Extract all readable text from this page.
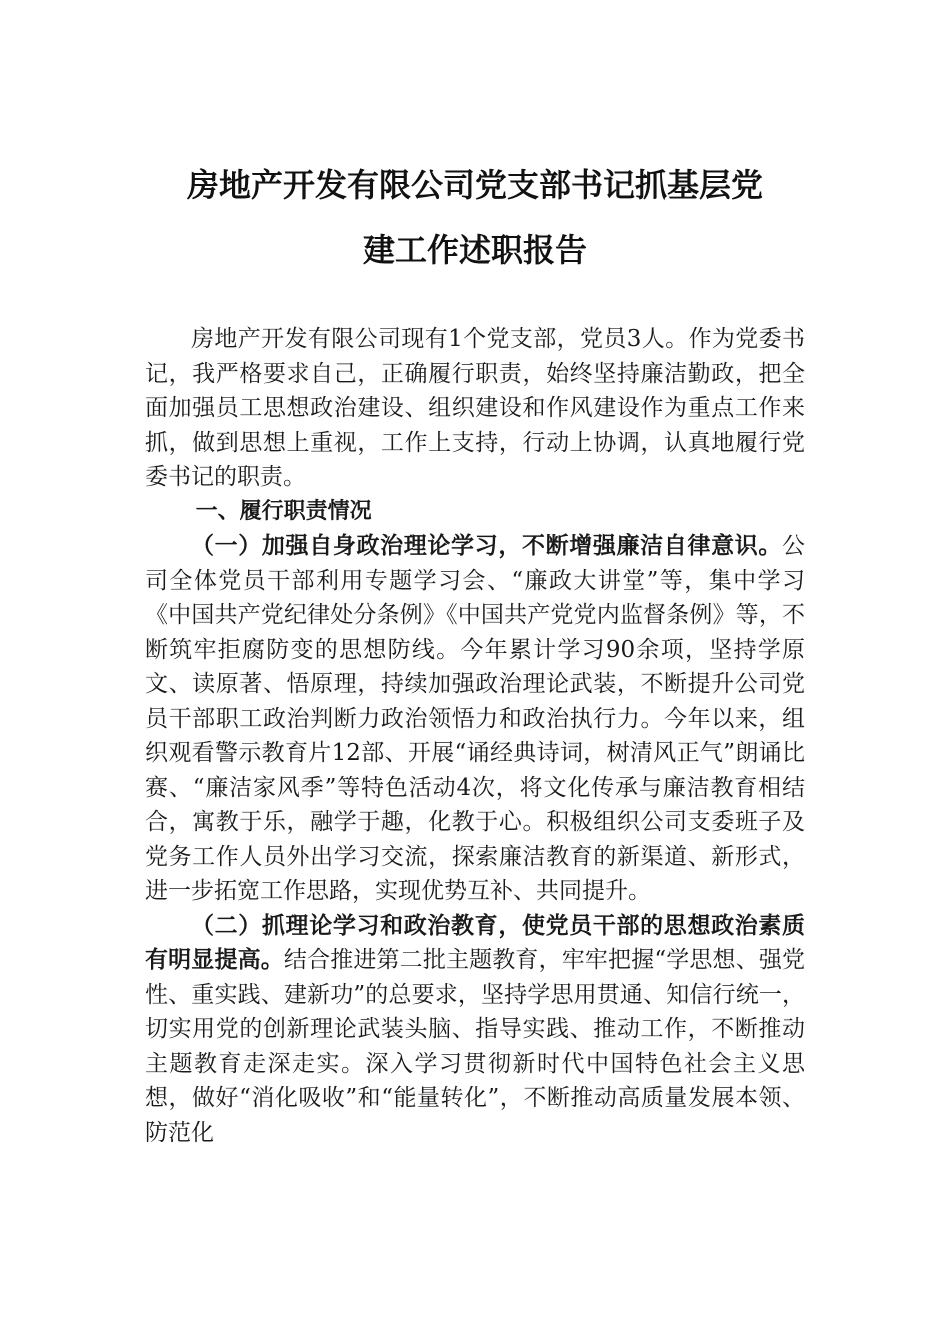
房地产开发有限公司党支部书记抓基层党
建工作述职报告

房地产开发有限公司现有1个党支部，党员3人。作为党委书记，我严格要求自己，正确履行职责，始终坚持廉洁勤政，把全面加强员工思想政治建设、组织建设和作风建设作为重点工作来抓，做到思想上重视，工作上支持，行动上协调，认真地履行党委书记的职责。

一、履行职责情况

（一）加强自身政治理论学习，不断增强廉洁自律意识。公司全体党员干部利用专题学习会、“廉政大讲堂”等，集中学习《中国共产党纪律处分条例》《中国共产党党内监督条例》等，不断筑牢拒腐防变的思想防线。今年累计学习90余项，坚持学原文、读原著、悟原理，持续加强政治理论武装，不断提升公司党员干部职工政治判断力政治领悟力和政治执行力。今年以来，组织观看警示教育片12部、开展“诵经典诗词，树清风正气”朗诵比赛、“廉洁家风季”等特色活动4次，将文化传承与廉洁教育相结合，寓教于乐，融学于趣，化教于心。积极组织公司支委班子及党务工作人员外出学习交流，探索廉洁教育的新渠道、新形式，进一步拓宽工作思路，实现优势互补、共同提升。

（二）抓理论学习和政治教育，使党员干部的思想政治素质有明显提高。结合推进第二批主题教育，牢牢把握“学思想、强党性、重实践、建新功”的总要求，坚持学思用贯通、知信行统一，切实用党的创新理论武装头脑、指导实践、推动工作，不断推动主题教育走深走实。深入学习贯彻新时代中国特色社会主义思想，做好“消化吸收”和“能量转化”，不断推动高质量发展本领、防范化
